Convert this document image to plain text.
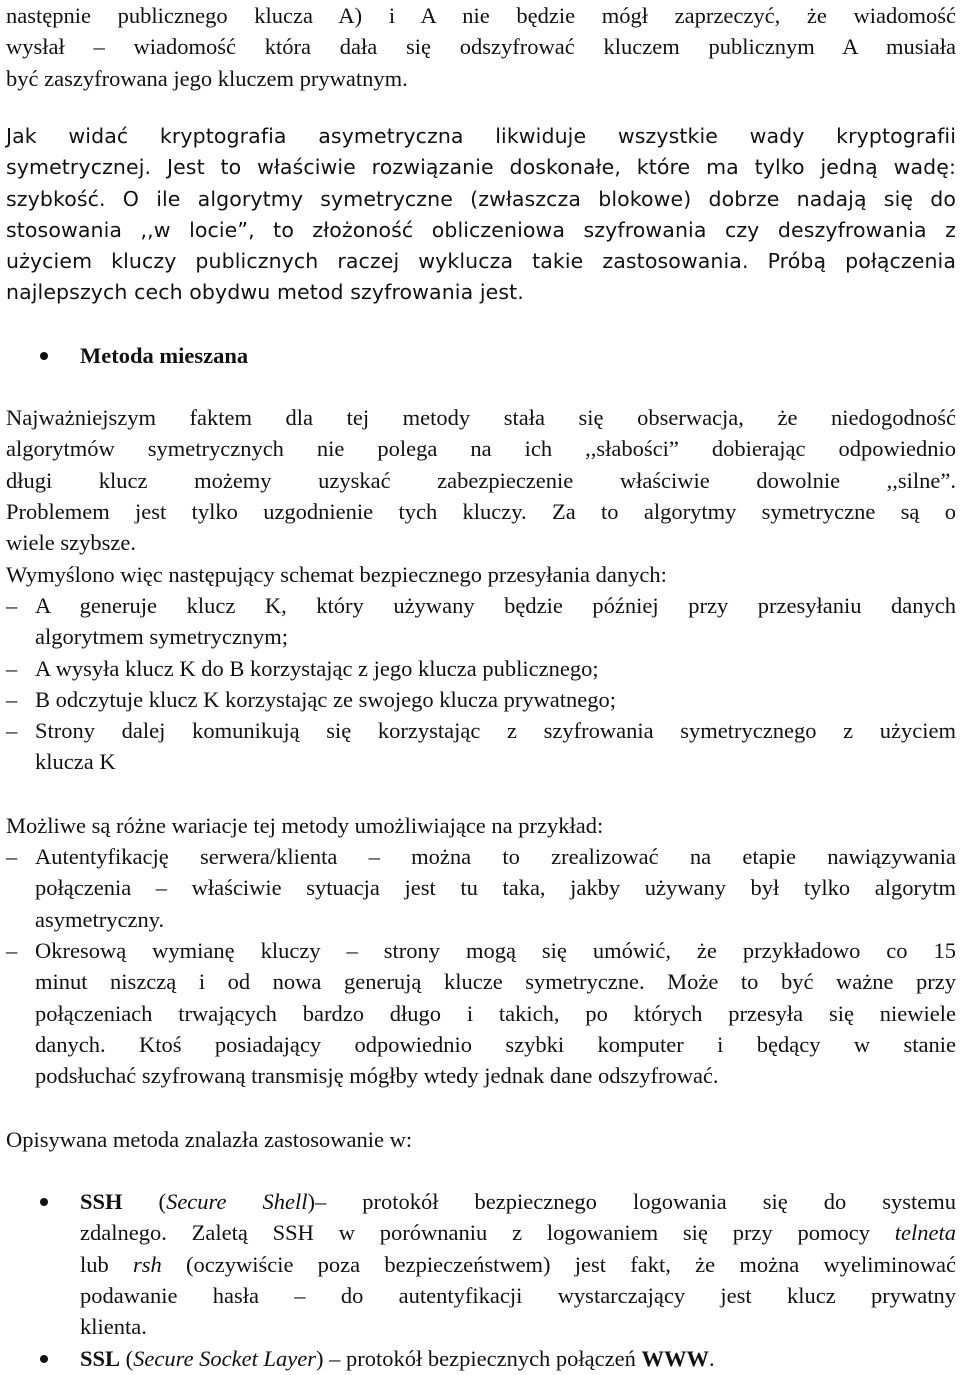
następnie publicznego klucza A) i A nie będzie mógł zaprzeczyć, że wiadomość
wysłał – wiadomość która dała się odszyfrować kluczem publicznym A musiała
być zaszyfrowana jego kluczem prywatnym.
Jak widać kryptografia asymetryczna likwiduje wszystkie wady kryptografii
symetrycznej. Jest to właściwie rozwiązanie doskonałe, które ma tylko jedną wadę:
szybkość. O ile algorytmy symetryczne (zwłaszcza blokowe) dobrze nadają się do
stosowania ,,w locie”, to złożoność obliczeniowa szyfrowania czy deszyfrowania z
użyciem kluczy publicznych raczej wyklucza takie zastosowania. Próbą połączenia
najlepszych cech obydwu metod szyfrowania jest.
Metoda mieszana
Najważniejszym faktem dla tej metody stała się obserwacja, że niedogodność
algorytmów symetrycznych nie polega na ich ,,słabości” dobierając odpowiednio
długi klucz możemy uzyskać zabezpieczenie właściwie dowolnie ,,silne”.
Problemem jest tylko uzgodnienie tych kluczy. Za to algorytmy symetryczne są o
wiele szybsze.
Wymyślono więc następujący schemat bezpiecznego przesyłania danych:
– A generuje klucz K, który używany będzie później przy przesyłaniu danych
algorytmem symetrycznym;
– A wysyła klucz K do B korzystając z jego klucza publicznego;
– B odczytuje klucz K korzystając ze swojego klucza prywatnego;
– Strony dalej komunikują się korzystając z szyfrowania symetrycznego z użyciem
klucza K
Możliwe są różne wariacje tej metody umożliwiające na przykład:
– Autentyfikację serwera/klienta – można to zrealizować na etapie nawiązywania
połączenia – właściwie sytuacja jest tu taka, jakby używany był tylko algorytm
asymetryczny.
– Okresową wymianę kluczy – strony mogą się umówić, że przykładowo co 15
minut niszczą i od nowa generują klucze symetryczne. Może to być ważne przy
połączeniach trwających bardzo długo i takich, po których przesyła się niewiele
danych. Ktoś posiadający odpowiednio szybki komputer i będący w stanie
podsłuchać szyfrowaną transmisję mógłby wtedy jednak dane odszyfrować.
Opisywana metoda znalazła zastosowanie w:
SSH (Secure Shell)– protokół bezpiecznego logowania się do systemu
zdalnego. Zaletą SSH w porównaniu z logowaniem się przy pomocy telneta
lub rsh (oczywiście poza bezpieczeństwem) jest fakt, że można wyeliminować
podawanie hasła – do autentyfikacji wystarczający jest klucz prywatny
klienta.
SSL (Secure Socket Layer) – protokół bezpiecznych połączeń WWW.
